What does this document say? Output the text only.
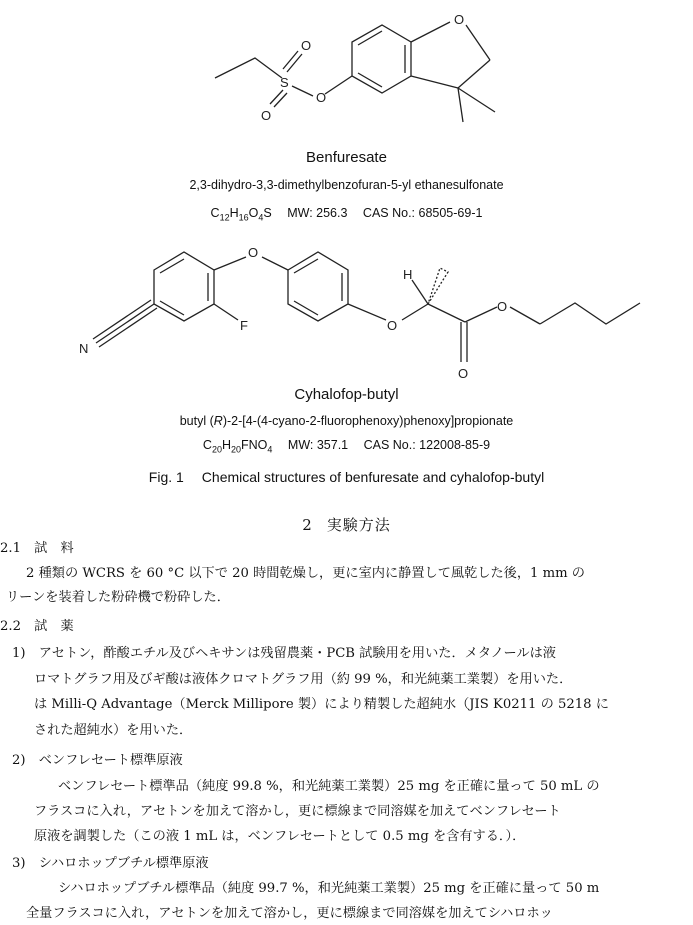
O
O
S
O
O
Benfuresate
2,3-dihydro-3,3-dimethylbenzofuran-5-yl ethanesulfonate
$C_{12}H_{16}O_4S$ MW: 256.3 CAS No.: 68505-69-1
N
F
O
H
O
O
O
Cyhalofop-butyl
butyl (R)-2-[4-(4-cyano-2-fluorophenoxy)phenoxy]propionate
$C_{20}H_{20}FNO_4$ MW: 357.1 CAS No.: 122008-85-9
Fig. 1 Chemical structures of benfuresate and cyhalofop-butyl
2 実験方法
2.1　試　料
2 種類の WCRS を 60 °C 以下で 20 時間乾燥し，更に室内に静置して風乾した後，1 mm の
リーンを装着した粉砕機で粉砕した．
2.2　試　薬
1)　アセトン，酢酸エチル及びヘキサンは残留農薬・PCB 試験用を用いた．メタノールは液
ロマトグラフ用及びギ酸は液体クロマトグラフ用（約 99 %，和光純薬工業製）を用いた．
は Milli-Q Advantage（Merck Millipore 製）により精製した超純水（JIS K0211 の 5218 に
された超純水）を用いた．
2)　ベンフレセート標準原液
ベンフレセート標準品（純度 99.8 %，和光純薬工業製）25 mg を正確に量って 50 mL の
フラスコに入れ，アセトンを加えて溶かし，更に標線まで同溶媒を加えてベンフレセート
原液を調製した（この液 1 mL は，ベンフレセートとして 0.5 mg を含有する．）．
3)　シハロホップブチル標準原液
シハロホップブチル標準品（純度 99.7 %，和光純薬工業製）25 mg を正確に量って 50 m
全量フラスコに入れ，アセトンを加えて溶かし，更に標線まで同溶媒を加えてシハロホッ
